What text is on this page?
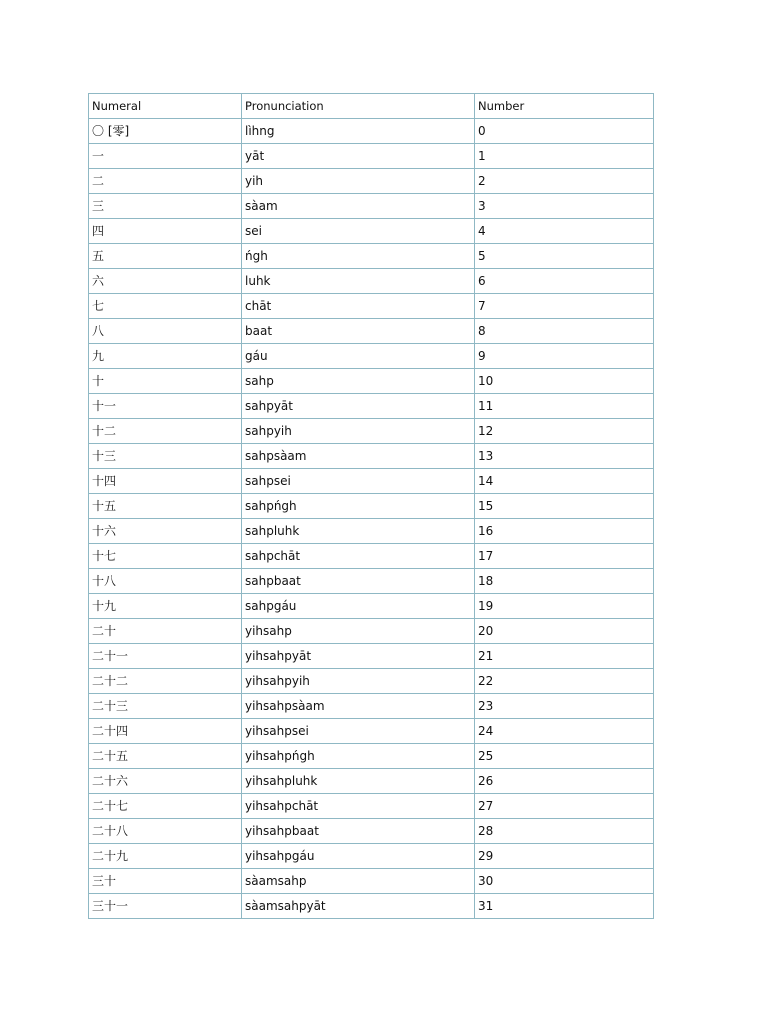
Numeral	Pronunciation	Number
〇 [零]	lìhng	0
一	yāt	1
二	yih	2
三	sàam	3
四	sei	4
五	ńgh	5
六	luhk	6
七	chāt	7
八	baat	8
九	gáu	9
十	sahp	10
十一	sahpyāt	11
十二	sahpyih	12
十三	sahpsàam	13
十四	sahpsei	14
十五	sahpńgh	15
十六	sahpluhk	16
十七	sahpchāt	17
十八	sahpbaat	18
十九	sahpgáu	19
二十	yihsahp	20
二十一	yihsahpyāt	21
二十二	yihsahpyih	22
二十三	yihsahpsàam	23
二十四	yihsahpsei	24
二十五	yihsahpńgh	25
二十六	yihsahpluhk	26
二十七	yihsahpchāt	27
二十八	yihsahpbaat	28
二十九	yihsahpgáu	29
三十	sàamsahp	30
三十一	sàamsahpyāt	31
